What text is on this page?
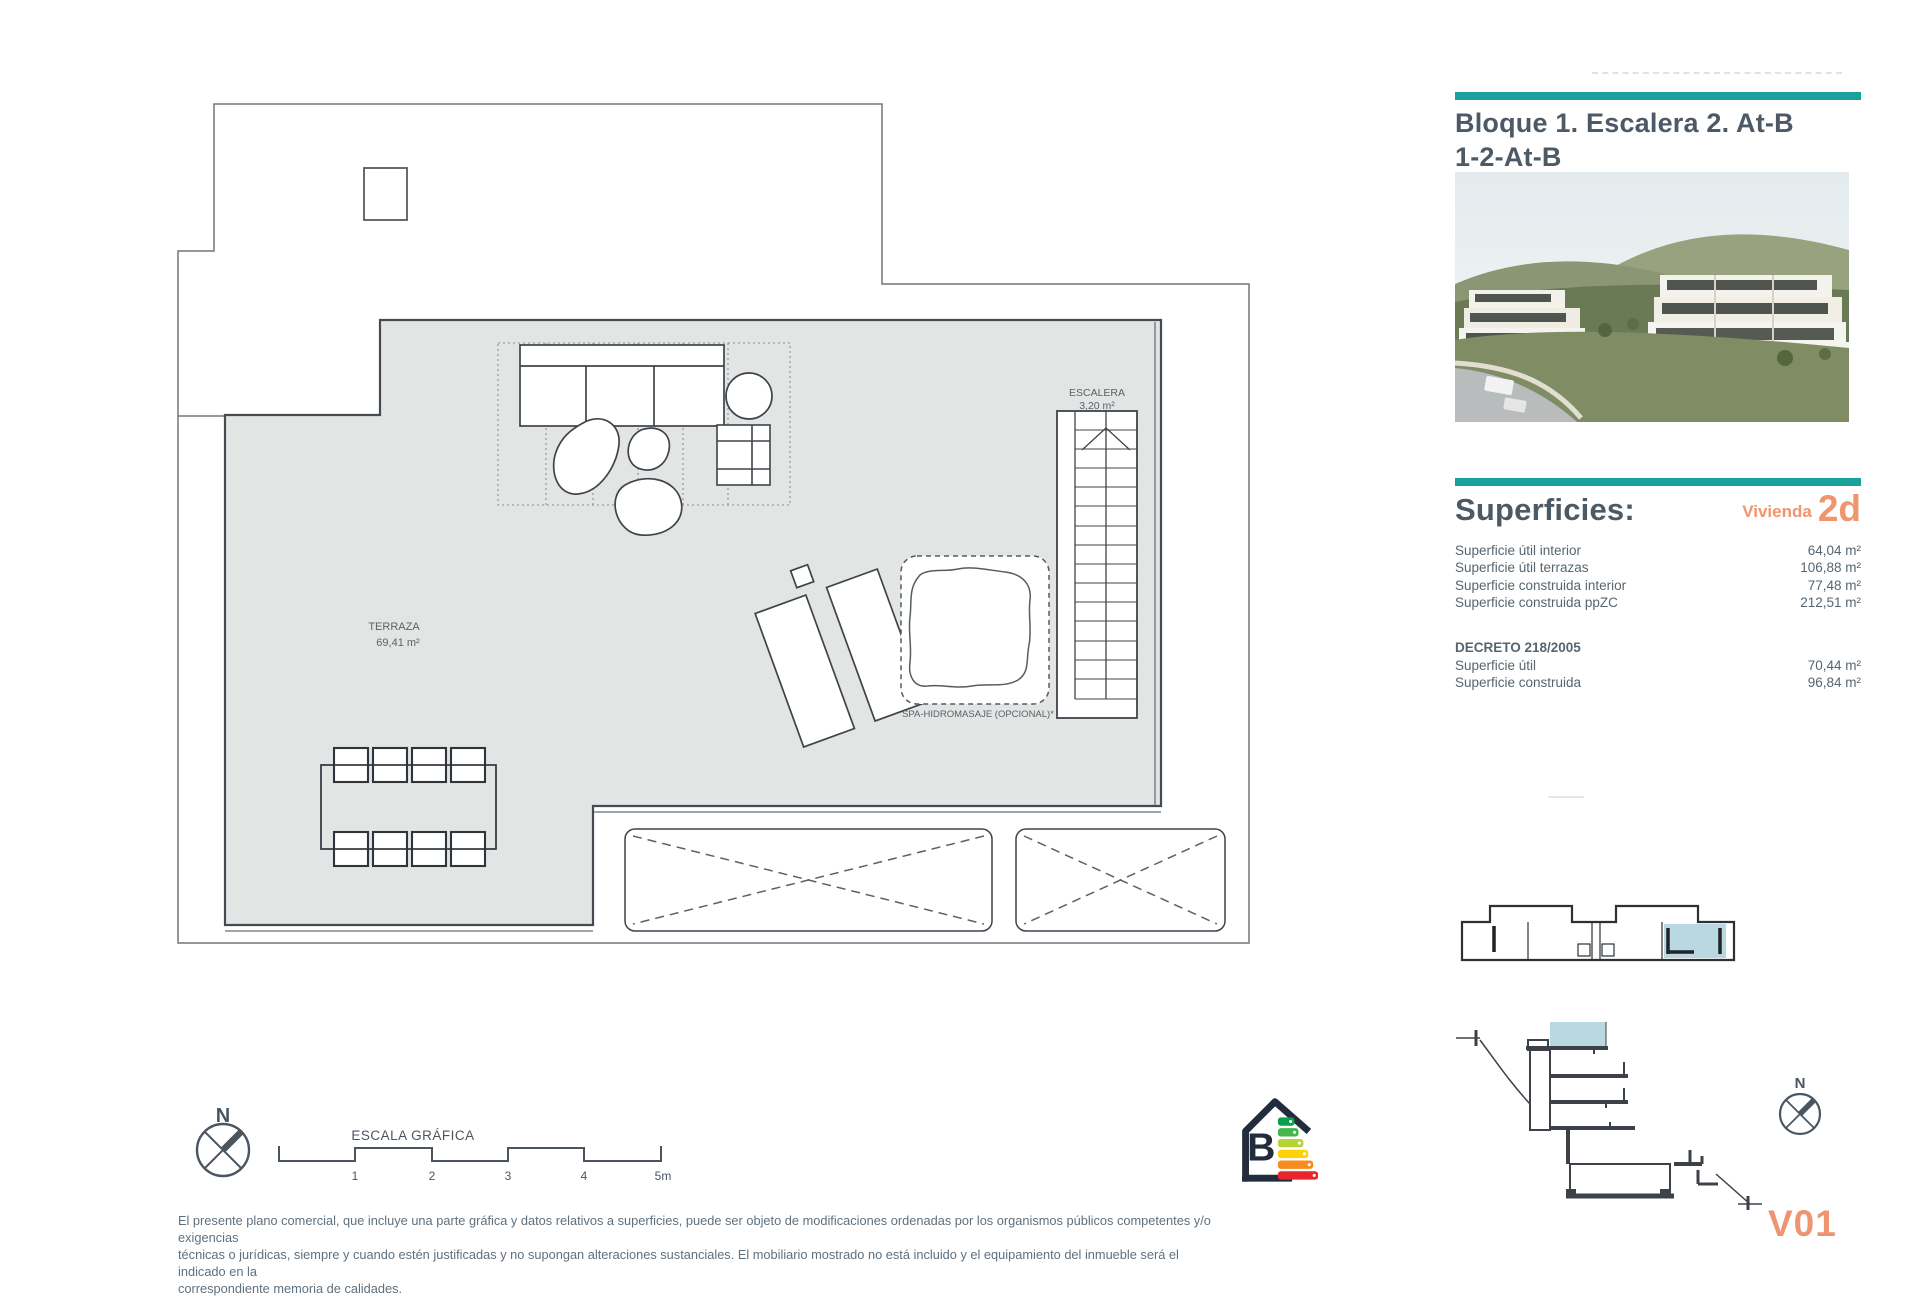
SPA-HIDROMASAJE (OPCIONAL)*
ESCALERA
3,20 m²
TERRAZA
69,41 m²
N
ESCALA GRÁFICA
1	2	3	4	5m
B
El presente plano comercial, que incluye una parte gráfica y datos relativos a superficies, puede ser objeto de modificaciones ordenadas por los organismos públicos competentes y/o exigencias
técnicas o jurídicas, siempre y cuando estén justificadas y no supongan alteraciones sustanciales. El mobiliario mostrado no está incluido y el equipamiento del inmueble será el indicado en la
correspondiente memoria de calidades.
Bloque 1. Escalera 2. At-B
1-2-At-B
Superficies:	Vivienda 2d
Superficie útil interior	64,04 m²
Superficie útil terrazas	106,88 m²
Superficie construida interior	77,48 m²
Superficie construida ppZC	212,51 m²
DECRETO 218/2005
Superficie útil	70,44 m²
Superficie construida	96,84 m²
N
V01
